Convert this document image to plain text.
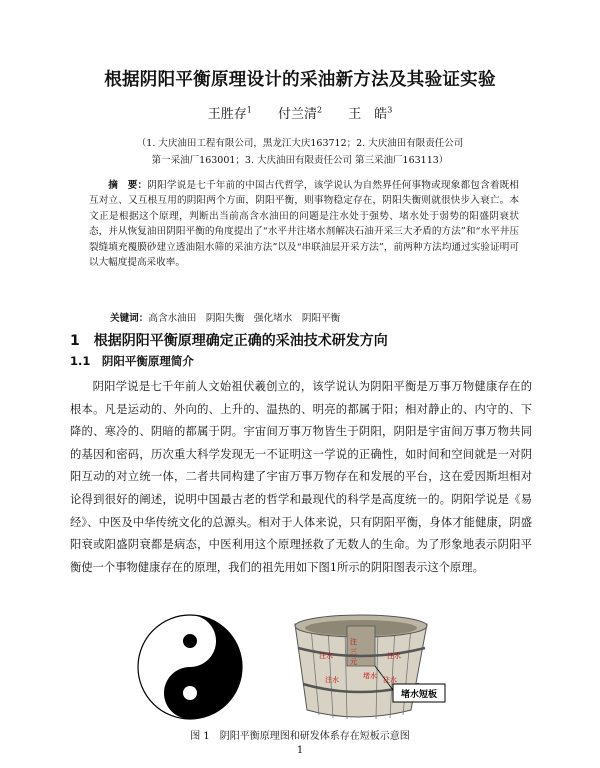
根据阴阳平衡原理设计的采油新方法及其验证实验
王胜存$^1$ 付兰清$^2$ 王　皓$^3$
（1. 大庆油田工程有限公司，黑龙江大庆163712；2. 大庆油田有限责任公司
第一采油厂163001；3. 大庆油田有限责任公司 第三采油厂163113）

摘　要：阴阳学说是七千年前的中国古代哲学，该学说认为自然界任何事物或现象都包含着既相互对立、又互根互用的阴阳两个方面，阴阳平衡，则事物稳定存在，阴阳失衡则就很快步入衰亡。本文正是根据这个原理，判断出当前高含水油田的问题是注水处于强势、堵水处于弱势的阳盛阴衰状态，并从恢复油田阴阳平衡的角度提出了“水平井注堵水剂解决石油开采三大矛盾的方法”和“水平井压裂缝填充覆膜砂建立透油阻水筛的采油方法”以及“串联油层开采方法”，前两种方法均通过实验证明可以大幅度提高采收率。

关键词：高含水油田　阴阳失衡　强化堵水　阴阳平衡
1　根据阴阳平衡原理确定正确的采油技术研发方向
1.1　阴阳平衡原理简介

阴阳学说是七千年前人文始祖伏羲创立的，该学说认为阴阳平衡是万事万物健康存在的根本。凡是运动的、外向的、上升的、温热的、明亮的都属于阳；相对静止的、内守的、下降的、寒冷的、阴暗的都属于阴。宇宙间万事万物皆生于阴阳，阴阳是宇宙间万事万物共同的基因和密码，历次重大科学发现无一不证明这一学说的正确性，如时间和空间就是一对阴阳互动的对立统一体，二者共同构建了宇宙万事万物存在和发展的平台，这在爱因斯坦相对论得到很好的阐述，说明中国最古老的哲学和最现代的科学是高度统一的。阴阳学说是《易经》、中医及中华传统文化的总源头。相对于人体来说，只有阴阳平衡，身体才能健康，阴盛阳衰或阳盛阴衰都是病态，中医利用这个原理拯救了无数人的生命。为了形象地表示阴阳平衡使一个事物健康存在的原理，我们的祖先用如下图1所示的阴阳图表示这个原理。

注水	注水
注水	注水
注
三
元
堵水
堵水短板
图 1　阴阳平衡原理图和研发体系存在短板示意图
1
